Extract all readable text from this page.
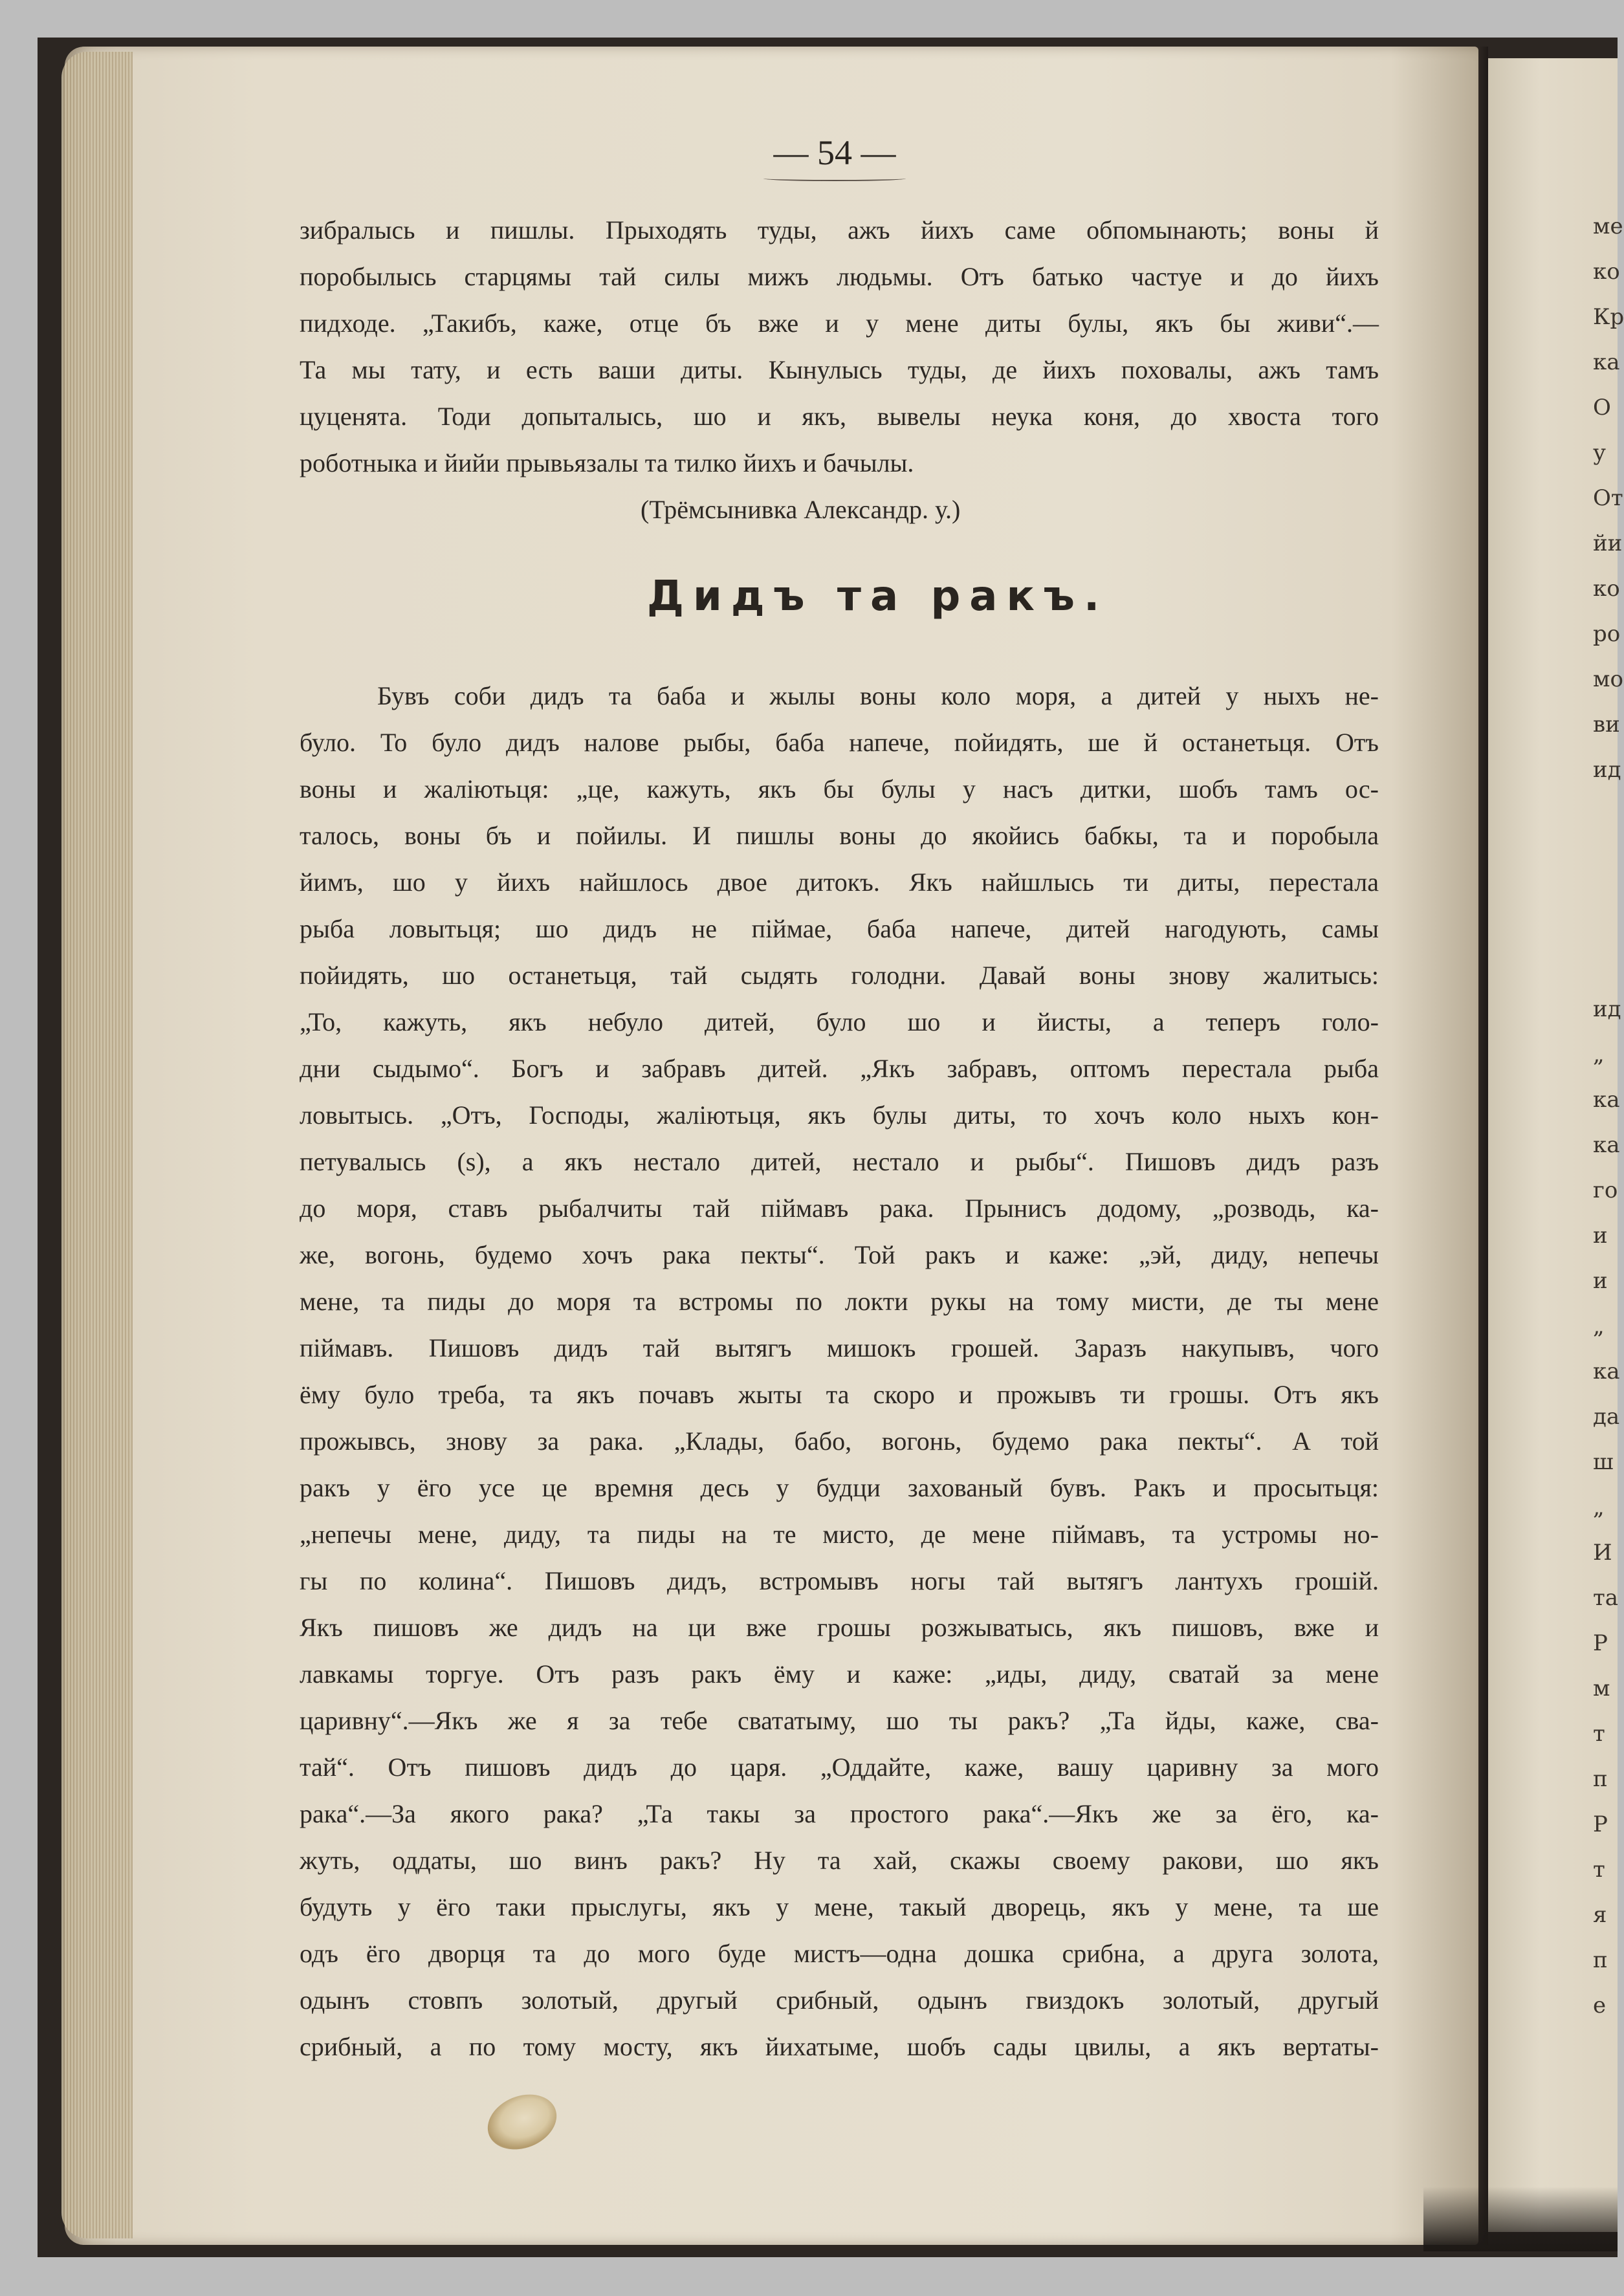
ме
ко
Кр
ка
О
у
От
йи
ко
ро
мо
ви
ид
ид
„
ка
ка
го
и
и
„
ка
да
ш
„
И
та
Р
м
т
п
Р
т
я
п
е
— 54 —
зибралысь и пишлы. Прыходять туды, ажъ йихъ саме обпомынають; воны й
поробылысь старцямы тай силы мижъ людьмы. Отъ батько частуе и до йихъ
пидходе. „Такибъ, каже, отце бъ вже и у мене диты булы, якъ бы живи“.—
Та мы тату, и есть ваши диты. Кынулысь туды, де йихъ поховалы, ажъ тамъ
цуценята. Тоди допыталысь, шо и якъ, вывелы неука коня, до хвоста того
роботныка и йийи прывьязалы та тилко йихъ и бачылы.
(Трёмсынивка Александр. у.)
Дидъ та ракъ.
Бувъ соби дидъ та баба и жылы воны коло моря, а дитей у ныхъ не-
було. То було дидъ налове рыбы, баба напече, пойидять, ше й останетьця. Отъ
воны и жаліютьця: „це, кажуть, якъ бы булы у насъ дитки, шобъ тамъ ос-
талось, воны бъ и пойилы. И пишлы воны до якойись бабкы, та и поробыла
йимъ, шо у йихъ найшлось двое дитокъ. Якъ найшлысь ти диты, перестала
рыба ловытьця; шо дидъ не піймае, баба напече, дитей нагодують, самы
пойидять, шо останетьця, тай сыдять голодни. Давай воны знову жалитысь:
„То, кажуть, якъ небуло дитей, було шо и йисты, а теперъ голо-
дни сыдымо“. Богъ и забравъ дитей. „Якъ забравъ, оптомъ перестала рыба
ловытысь. „Отъ, Господы, жаліютьця, якъ булы диты, то хочъ коло ныхъ кон-
петувалысь (ѕ), а якъ нестало дитей, нестало и рыбы“. Пишовъ дидъ разъ
до моря, ставъ рыбалчиты тай піймавъ рака. Прынисъ додому, „розводь, ка-
же, вогонь, будемо хочъ рака пекты“. Той ракъ и каже: „эй, диду, непечы
мене, та пиды до моря та встромы по локти рукы на тому мисти, де ты мене
піймавъ. Пишовъ дидъ тай вытягъ мишокъ грошей. Заразъ накупывъ, чого
ёму було треба, та якъ почавъ жыты та скоро и прожывъ ти грошы. Отъ якъ
прожывсь, знову за рака. „Клады, бабо, вогонь, будемо рака пекты“. А той
ракъ у ёго усе це времня десь у будци захованый бувъ. Ракъ и просытьця:
„непечы мене, диду, та пиды на те мисто, де мене піймавъ, та устромы но-
гы по колина“. Пишовъ дидъ, встромывъ ногы тай вытягъ лантухъ грошій.
Якъ пишовъ же дидъ на ци вже грошы розжыватысь, якъ пишовъ, вже и
лавкамы торгуе. Отъ разъ ракъ ёму и каже: „иды, диду, сватай за мене
царивну“.—Якъ же я за тебе свататыму, шо ты ракъ? „Та йды, каже, сва-
тай“. Отъ пишовъ дидъ до царя. „Оддайте, каже, вашу царивну за мого
рака“.—За якого рака? „Та такы за простого рака“.—Якъ же за ёго, ка-
жуть, оддаты, шо винъ ракъ? Ну та хай, скажы своему ракови, шо якъ
будуть у ёго таки прыслугы, якъ у мене, такый дворець, якъ у мене, та ше
одъ ёго дворця та до мого буде мистъ—одна дошка срибна, а друга золота,
одынъ стовпъ золотый, другый срибный, одынъ гвиздокъ золотый, другый
срибный, а по тому мосту, якъ йихатыме, шобъ сады цвилы, а якъ вертаты-
